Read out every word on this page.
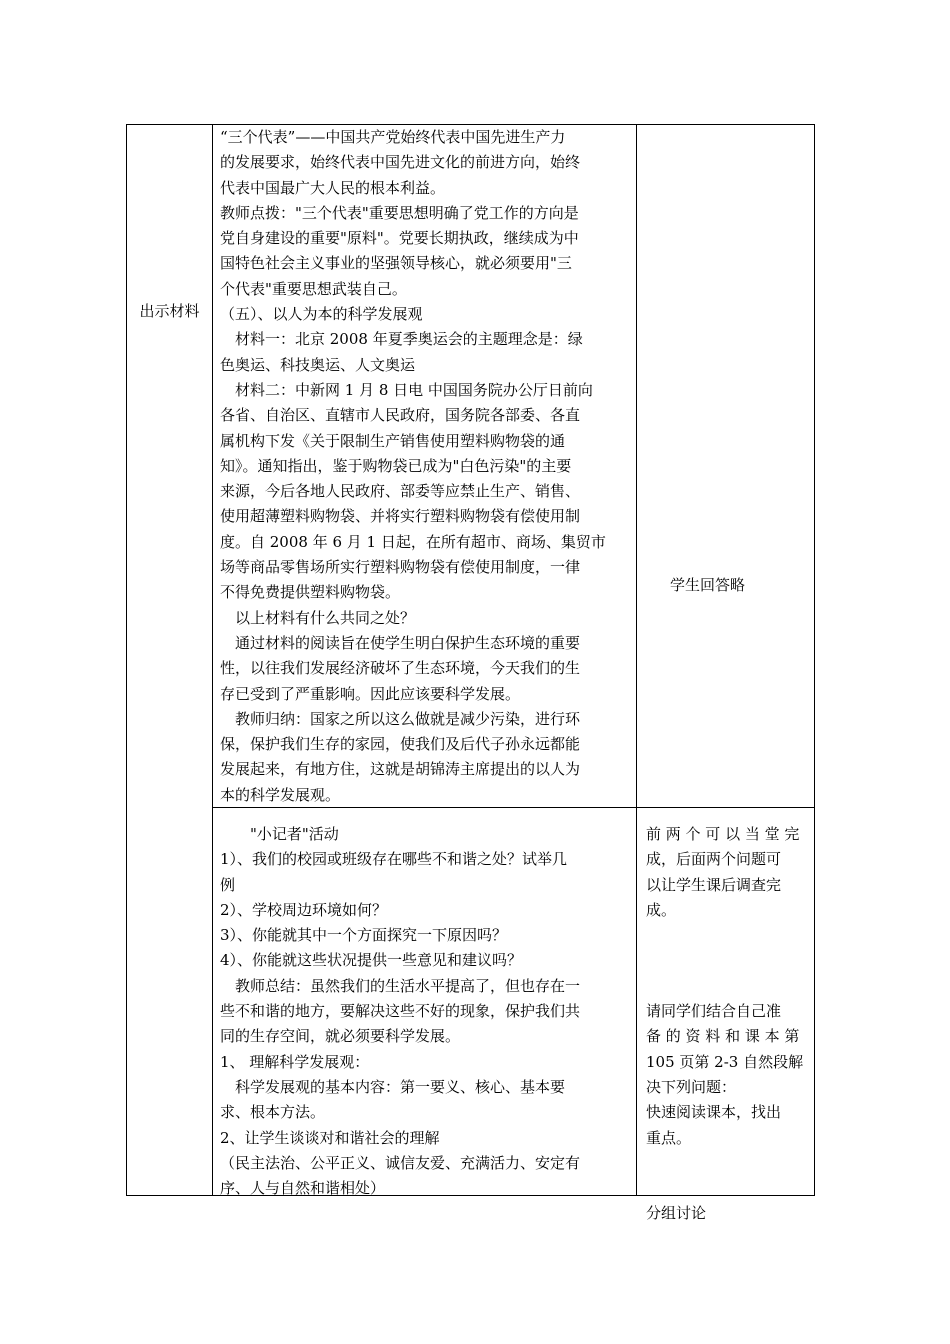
出示材料

“三个代表”——中国共产党始终代表中国先进生产力

的发展要求，始终代表中国先进文化的前进方向，始终

代表中国最广大人民的根本利益。

教师点拨："三个代表"重要思想明确了党工作的方向是

党自身建设的重要"原料"。党要长期执政，继续成为中

国特色社会主义事业的坚强领导核心，就必须要用"三

个代表"重要思想武装自己。

（五）、以人为本的科学发展观

材料一：北京 2008 年夏季奥运会的主题理念是：绿

色奥运、科技奥运、人文奥运

材料二：中新网 1 月 8 日电 中国国务院办公厅日前向

各省、自治区、直辖市人民政府，国务院各部委、各直

属机构下发《关于限制生产销售使用塑料购物袋的通

知》。通知指出，鉴于购物袋已成为"白色污染"的主要

来源，今后各地人民政府、部委等应禁止生产、销售、

使用超薄塑料购物袋、并将实行塑料购物袋有偿使用制

度。自 2008 年 6 月 1 日起，在所有超市、商场、集贸市

场等商品零售场所实行塑料购物袋有偿使用制度，一律

不得免费提供塑料购物袋。

以上材料有什么共同之处？

通过材料的阅读旨在使学生明白保护生态环境的重要

性，以往我们发展经济破坏了生态环境，今天我们的生

存已受到了严重影响。因此应该要科学发展。

教师归纳：国家之所以这么做就是减少污染，进行环

保，保护我们生存的家园，使我们及后代子孙永远都能

发展起来，有地方住，这就是胡锦涛主席提出的以人为

本的科学发展观。

学生回答略

"小记者"活动

1）、我们的校园或班级存在哪些不和谐之处？试举几

例

2）、学校周边环境如何？

3）、你能就其中一个方面探究一下原因吗？

4）、你能就这些状况提供一些意见和建议吗？

教师总结：虽然我们的生活水平提高了，但也存在一

些不和谐的地方，要解决这些不好的现象，保护我们共

同的生存空间，就必须要科学发展。

1、 理解科学发展观：

科学发展观的基本内容：第一要义、核心、基本要

求、根本方法。

2、让学生谈谈对和谐社会的理解

（民主法治、公平正义、诚信友爱、充满活力、安定有

序、人与自然和谐相处）

前 两 个 可 以 当 堂 完

成，后面两个问题可

以让学生课后调查完

成。

请同学们结合自己准

备 的 资 料 和 课 本 第

105 页第 2-3 自然段解

决下列问题：

快速阅读课本，找出

重点。

分组讨论
